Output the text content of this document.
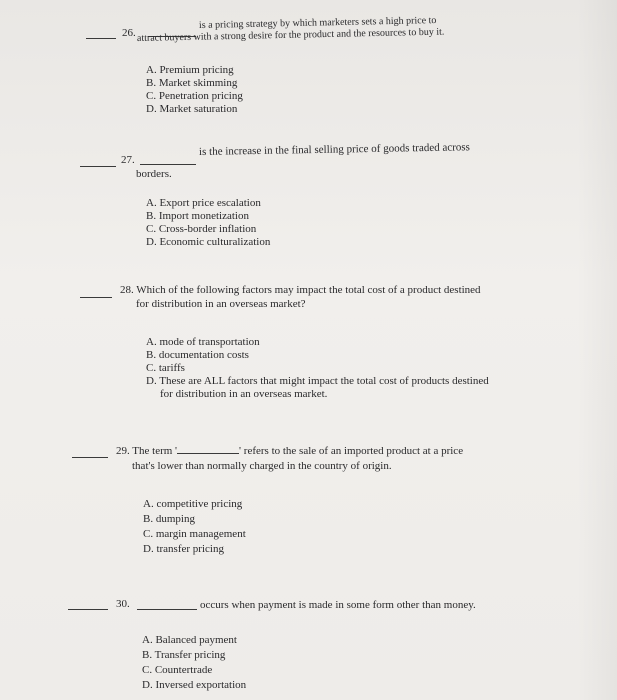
26.
is a pricing strategy by which marketers sets a high price to
attract buyers with a strong desire for the product and the resources to buy it.
A. Premium pricing
B. Market skimming
C. Penetration pricing
D. Market saturation
27.
is the increase in the final selling price of goods traded across
borders.
A. Export price escalation
B. Import monetization
C. Cross-border inflation
D. Economic culturalization
28. Which of the following factors may impact the total cost of a product destined
for distribution in an overseas market?
A. mode of transportation
B. documentation costs
C. tariffs
D. These are ALL factors that might impact the total cost of products destined
for distribution in an overseas market.
29. The term '	' refers to the sale of an imported product at a price
that's lower than normally charged in the country of origin.
A. competitive pricing
B. dumping
C. margin management
D. transfer pricing
30.	occurs when payment is made in some form other than money.
A. Balanced payment
B. Transfer pricing
C. Countertrade
D. Inversed exportation
